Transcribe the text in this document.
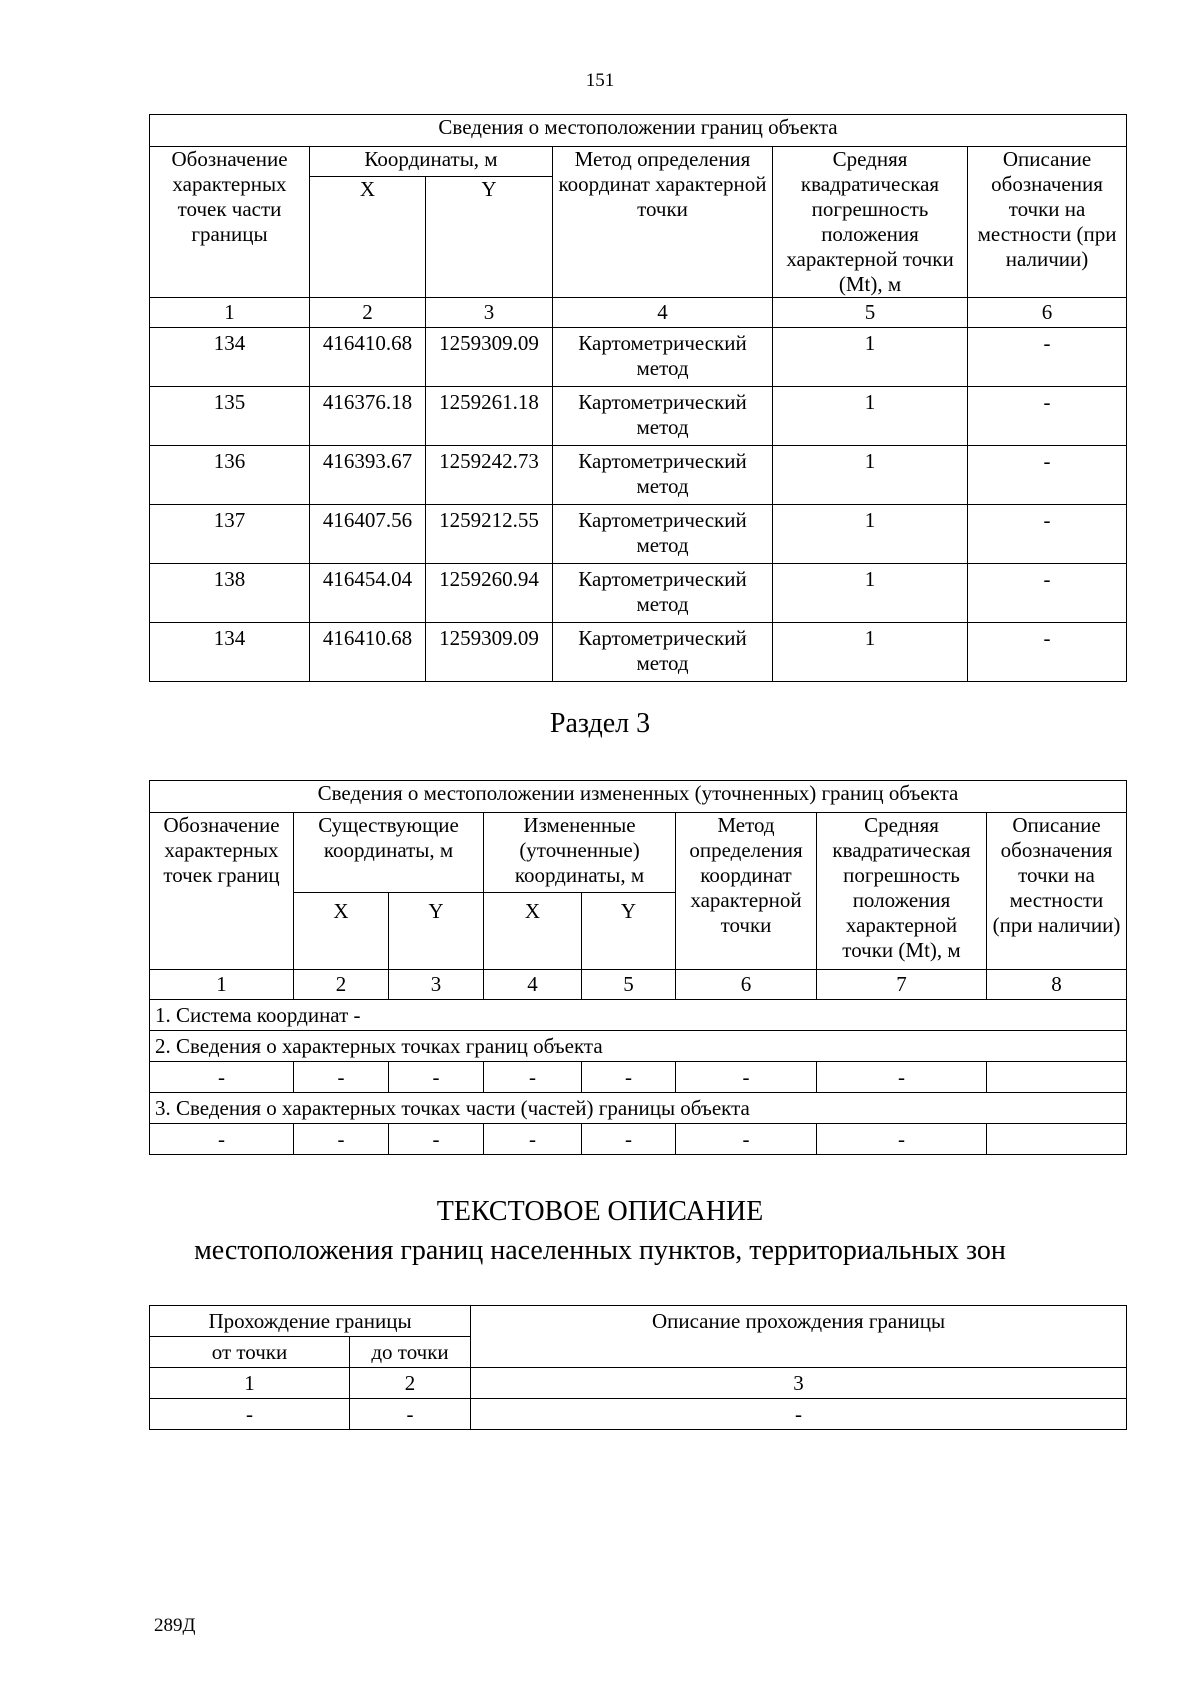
151
Сведения о местоположении границ объекта					
Обозначение характерных точек части границы	Координаты, м		Метод определения координат характерной точки	Средняя квадратическая погрешность положения характерной точки (Mt), м	Описание обозначения точки на местности (при наличии)
	X	Y			
1	2	3	4	5	6
134	416410.68	1259309.09	Картометрический метод	1	-
135	416376.18	1259261.18	Картометрический метод	1	-
136	416393.67	1259242.73	Картометрический метод	1	-
137	416407.56	1259212.55	Картометрический метод	1	-
138	416454.04	1259260.94	Картометрический метод	1	-
134	416410.68	1259309.09	Картометрический метод	1	-
Раздел 3
Сведения о местоположении измененных (уточненных) границ объекта							
Обозначение характерных точек границ	Существующие координаты, м		Измененные (уточненные) координаты, м		Метод определения координат характерной точки	Средняя квадратическая погрешность положения характерной точки (Mt), м	Описание обозначения точки на местности (при наличии)
	X	Y	X	Y			
1	2	3	4	5	6	7	8
1. Система координат -							
2. Сведения о характерных точках границ объекта							
-	-	-	-	-	-	-	
3. Сведения о характерных точках части (частей) границы объекта							
-	-	-	-	-	-	-	
ТЕКСТОВОЕ ОПИСАНИЕ
местоположения границ населенных пунктов, территориальных зон
Прохождение границы		Описание прохождения границы
от точки	до точки	
1	2	3
-	-	-
289Д
